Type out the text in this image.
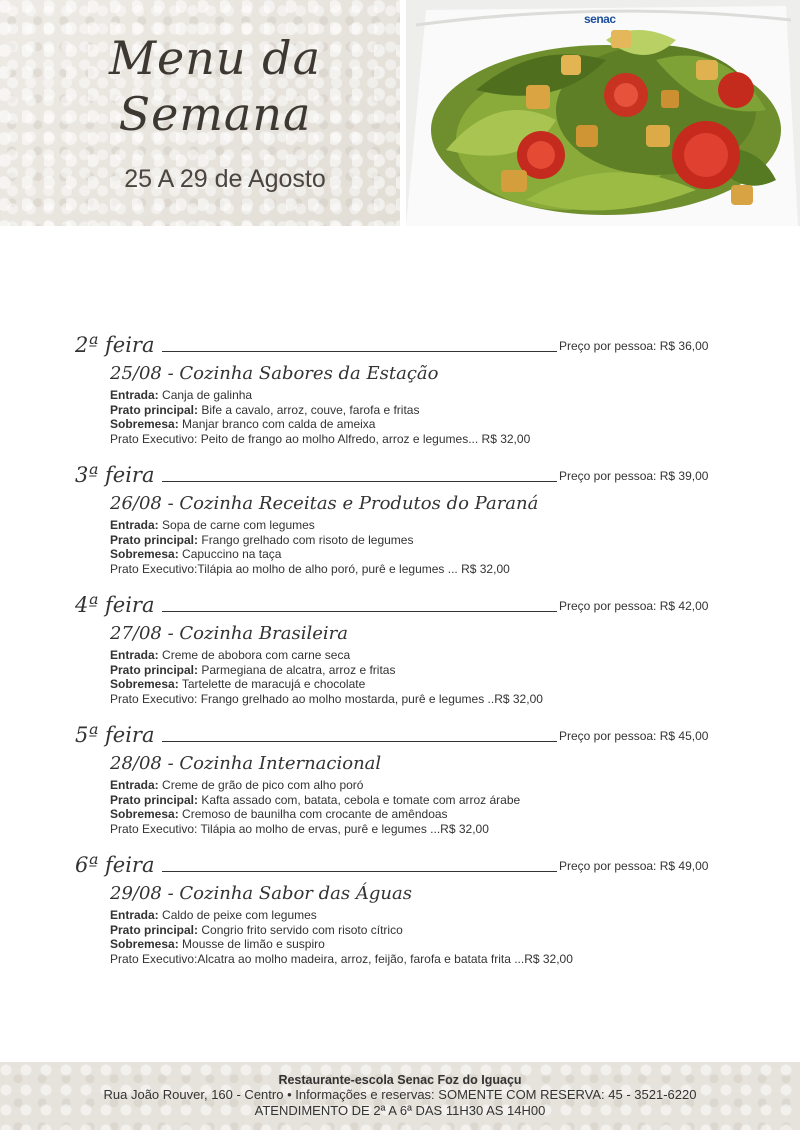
Menu da
Semana
25 A 29 de Agosto
senac
2ª feira	Preço por pessoa: R$ 36,00
25/08 - Cozinha Sabores da Estação
Entrada: Canja de galinha
Prato principal: Bife a cavalo, arroz, couve, farofa e fritas
Sobremesa: Manjar branco com calda de ameixa
Prato Executivo: Peito de frango ao molho Alfredo, arroz e legumes... R$ 32,00
3ª feira	Preço por pessoa: R$ 39,00
26/08 - Cozinha Receitas e Produtos do Paraná
Entrada: Sopa de carne com legumes
Prato principal: Frango grelhado com risoto de legumes
Sobremesa: Capuccino na taça
Prato Executivo:Tilápia ao molho de alho poró, purê e legumes ... R$ 32,00
4ª feira	Preço por pessoa: R$ 42,00
27/08 - Cozinha Brasileira
Entrada: Creme de abobora com carne seca
Prato principal: Parmegiana de alcatra, arroz e fritas
Sobremesa: Tartelette de maracujá e chocolate
Prato Executivo: Frango grelhado ao molho mostarda, purê e legumes ..R$ 32,00
5ª feira	Preço por pessoa: R$ 45,00
28/08 - Cozinha Internacional
Entrada: Creme de grão de pico com alho poró
Prato principal: Kafta assado com, batata, cebola e tomate com arroz árabe
Sobremesa: Cremoso de baunilha com crocante de amêndoas
Prato Executivo: Tilápia ao molho de ervas, purê e legumes ...R$ 32,00
6ª feira	Preço por pessoa: R$ 49,00
29/08 - Cozinha Sabor das Águas
Entrada: Caldo de peixe com legumes
Prato principal: Congrio frito servido com risoto cítrico
Sobremesa: Mousse de limão e suspiro
Prato Executivo:Alcatra ao molho madeira, arroz, feijão, farofa e batata frita ...R$ 32,00
Restaurante-escola Senac Foz do Iguaçu
Rua João Rouver, 160 - Centro • Informações e reservas: SOMENTE COM RESERVA: 45 - 3521-6220
ATENDIMENTO DE 2ª A 6ª DAS 11H30 AS 14H00
